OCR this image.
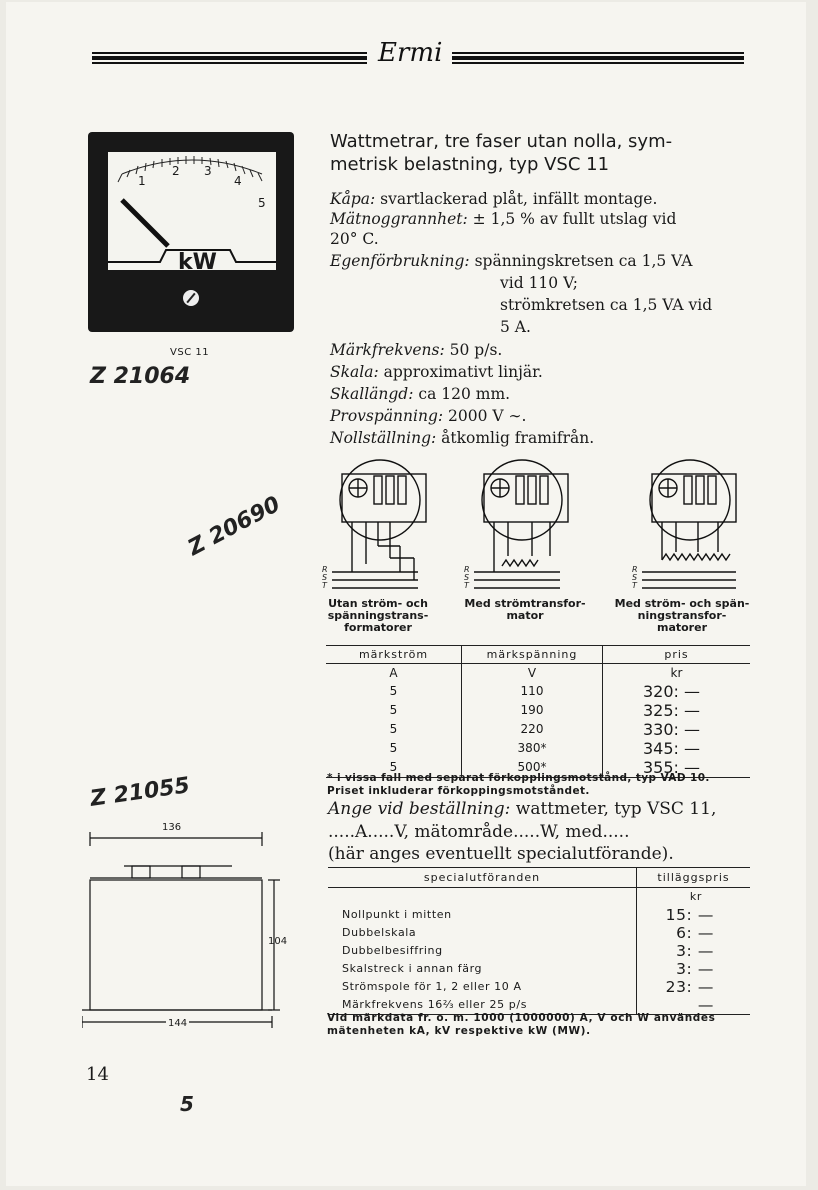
Ermi
1
2 3
4
5
kW
VSC 11
Z 21064
Wattmetrar, tre faser utan nolla, sym-
metrisk belastning, typ VSC 11
Kåpa: svartlackerad plåt, infällt montage.
Mätnoggrannhet: ± 1,5 % av fullt utslag vid
20° C.
Egenförbrukning: spänningskretsen ca 1,5 VA
vid 110 V;
strömkretsen ca 1,5 VA vid
5 A.
Märkfrekvens: 50 p/s.
Skala: approximativt linjär.
Skallängd: ca 120 mm.
Provspänning: 2000 V ∼.
Nollställning: åtkomlig framifrån.
R
S
T
R
S
T
R
S
T
Utan ström- och
spänningstrans-
formatorer
Med strömtransfor-
mator
Med ström- och spän-
ningstransfor-
matorer
Z 20690
märkström	märkspänning	pris
A	V	kr
5	110	320: —
5	190	325: —
5	220	330: —
5	380*	345: —
5	500*	355: —
* i vissa fall med separat förkopplingsmotstånd, typ VAD 10.
Priset inkluderar förkoppingsmotståndet.
Ange vid beställning: wattmeter, typ VSC 11,
.....A.....V, mätområde.....W, med.....
(här anges eventuellt specialutförande).
specialutföranden	tilläggspris
	kr
Nollpunkt i mitten	15: —
Dubbelskala	6: —
Dubbelbesiffring	3: —
Skalstreck i annan färg	3: —
Strömspole för 1, 2 eller 10 A	23: —
Märkfrekvens 16⅔ eller 25 p/s	—
Vid märkdata fr. o. m. 1000 (1000000) A, V och W användes mätenheten kA, kV respektive kW (MW).
Z 21055
136
104
144
14
5
